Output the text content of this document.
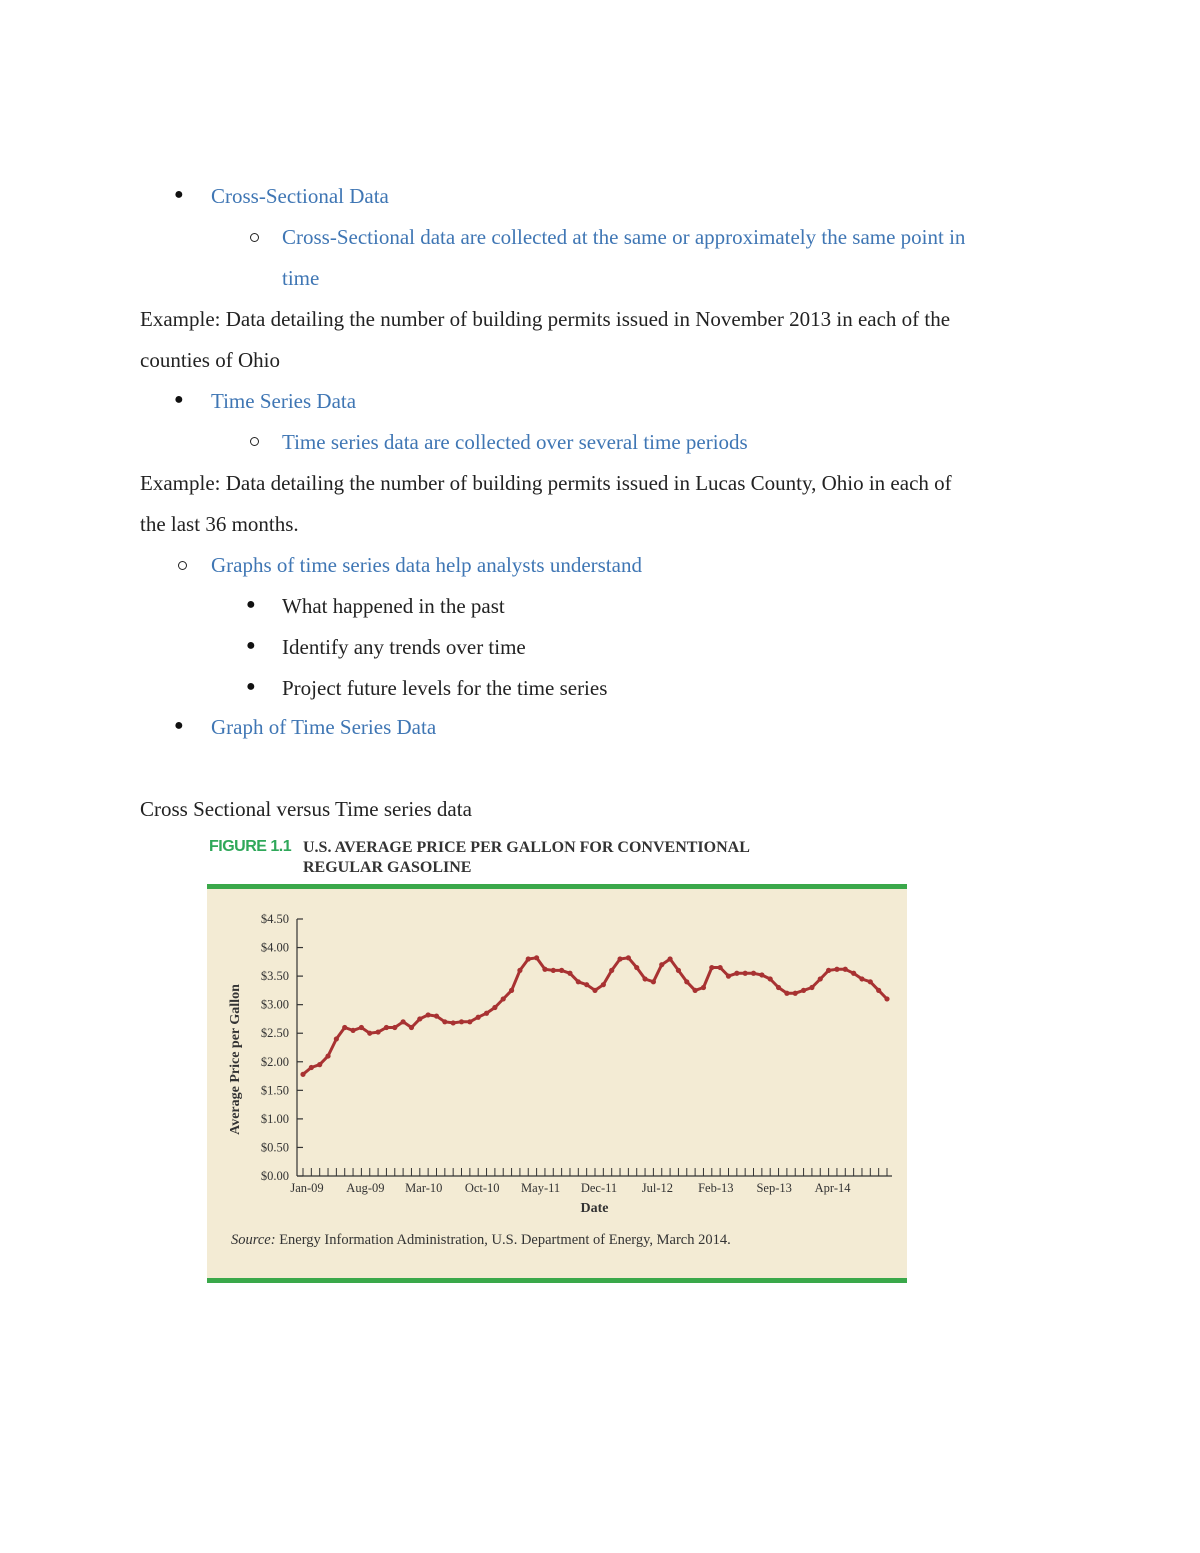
● Cross-Sectional Data
Cross-Sectional data are collected at the same or approximately the same point in
time
Example: Data detailing the number of building permits issued in November 2013 in each of the
counties of Ohio
● Time Series Data
Time series data are collected over several time periods
Example: Data detailing the number of building permits issued in Lucas County, Ohio in each of
the last 36 months.
Graphs of time series data help analysts understand
● What happened in the past
● Identify any trends over time
● Project future levels for the time series
● Graph of Time Series Data
Cross Sectional versus Time series data
FIGURE 1.1 U.S. AVERAGE PRICE PER GALLON FOR CONVENTIONAL
REGULAR GASOLINE
$0.00
$0.50
$1.00
$1.50
$2.00
$2.50
$3.00
$3.50
$4.00
$4.50
Jan-09 Aug-09 Mar-10 Oct-10 May-11 Dec-11 Jul-12 Feb-13 Sep-13 Apr-14
Date
Average Price per Gallon
Source: Energy Information Administration, U.S. Department of Energy, March 2014.
